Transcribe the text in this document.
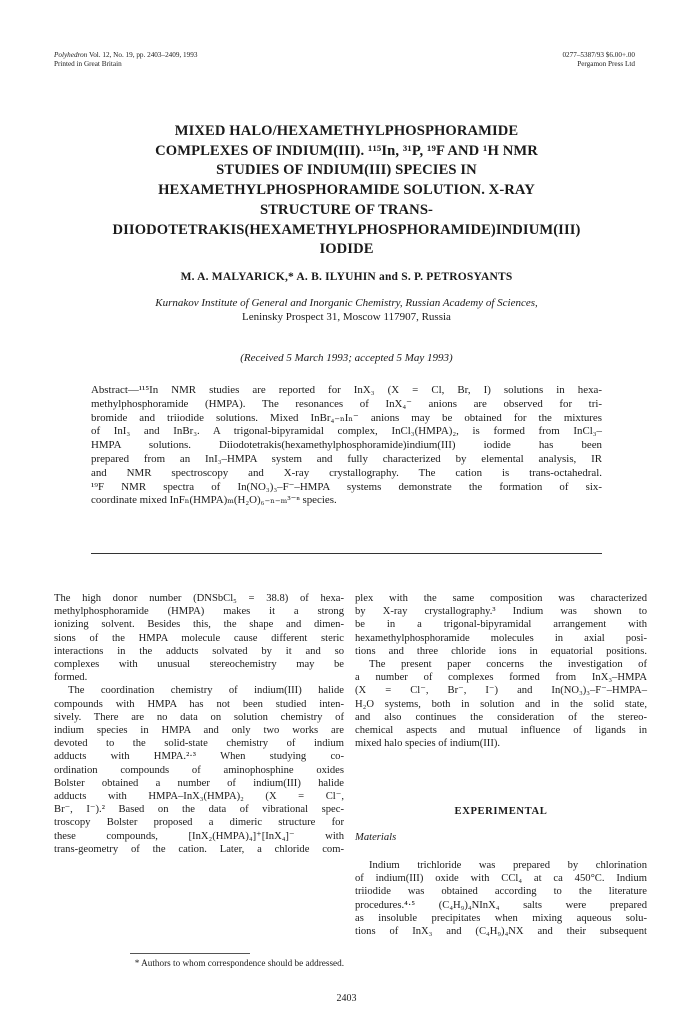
Polyhedron Vol. 12, No. 19, pp. 2403–2409, 1993
Printed in Great Britain
0277–5387/93 $6.00+.00
Pergamon Press Ltd
MIXED HALO/HEXAMETHYLPHOSPHORAMIDE
COMPLEXES OF INDIUM(III). ¹¹⁵In, ³¹P, ¹⁹F AND ¹H NMR
STUDIES OF INDIUM(III) SPECIES IN
HEXAMETHYLPHOSPHORAMIDE SOLUTION. X-RAY
STRUCTURE OF TRANS-
DIIODOTETRAKIS(HEXAMETHYLPHOSPHORAMIDE)INDIUM(III)
IODIDE
M. A. MALYARICK,* A. B. ILYUHIN and S. P. PETROSYANTS
Kurnakov Institute of General and Inorganic Chemistry, Russian Academy of Sciences,
Leninsky Prospect 31, Moscow 117907, Russia
(Received 5 March 1993; accepted 5 May 1993)
Abstract—¹¹⁵In NMR studies are reported for InX₃ (X = Cl, Br, I) solutions in hexa-
methylphosphoramide (HMPA). The resonances of InX₄⁻ anions are observed for tri-
bromide and triiodide solutions. Mixed InBr₄₋ₙIₙ⁻ anions may be obtained for the mixtures
of InI₃ and InBr₃. A trigonal-bipyramidal complex, InCl₃(HMPA)₂, is formed from InCl₃–
HMPA solutions. Diiodotetrakis(hexamethylphosphoramide)indium(III) iodide has been
prepared from an InI₃–HMPA system and fully characterized by elemental analysis, IR
and NMR spectroscopy and X-ray crystallography. The cation is trans-octahedral.
¹⁹F NMR spectra of In(NO₃)₃–F⁻–HMPA systems demonstrate the formation of six-
coordinate mixed InFₙ(HMPA)ₘ(H₂O)₆₋ₙ₋ₘ³⁻ⁿ species.
The high donor number (DNSbCl₅ = 38.8) of hexa-
methylphosphoramide (HMPA) makes it a strong
ionizing solvent. Besides this, the shape and dimen-
sions of the HMPA molecule cause different steric
interactions in the adducts solvated by it and so
complexes with unusual stereochemistry may be
formed.
The coordination chemistry of indium(III) halide
compounds with HMPA has not been studied inten-
sively. There are no data on solution chemistry of
indium species in HMPA and only two works are
devoted to the solid-state chemistry of indium
adducts with HMPA.²·³ When studying co-
ordination compounds of aminophosphine oxides
Bolster obtained a number of indium(III) halide
adducts with HMPA–InX₃(HMPA)₂ (X = Cl⁻,
Br⁻, I⁻).² Based on the data of vibrational spec-
troscopy Bolster proposed a dimeric structure for
these compounds, [InX₂(HMPA)₄]⁺[InX₄]⁻ with
trans-geometry of the cation. Later, a chloride com-
plex with the same composition was characterized
by X-ray crystallography.³ Indium was shown to
be in a trigonal-bipyramidal arrangement with
hexamethylphosphoramide molecules in axial posi-
tions and three chloride ions in equatorial positions.
The present paper concerns the investigation of
a number of complexes formed from InX₃–HMPA
(X = Cl⁻, Br⁻, I⁻) and In(NO₃)₃–F⁻–HMPA–
H₂O systems, both in solution and in the solid state,
and also continues the consideration of the stereo-
chemical aspects and mutual influence of ligands in
mixed halo species of indium(III).
EXPERIMENTAL
Materials
Indium trichloride was prepared by chlorination
of indium(III) oxide with CCl₄ at ca 450°C. Indium
triiodide was obtained according to the literature
procedures.⁴·⁵ (C₄H₉)₄NInX₄ salts were prepared
as insoluble precipitates when mixing aqueous solu-
tions of InX₃ and (C₄H₉)₄NX and their subsequent
* Authors to whom correspondence should be addressed.
2403
